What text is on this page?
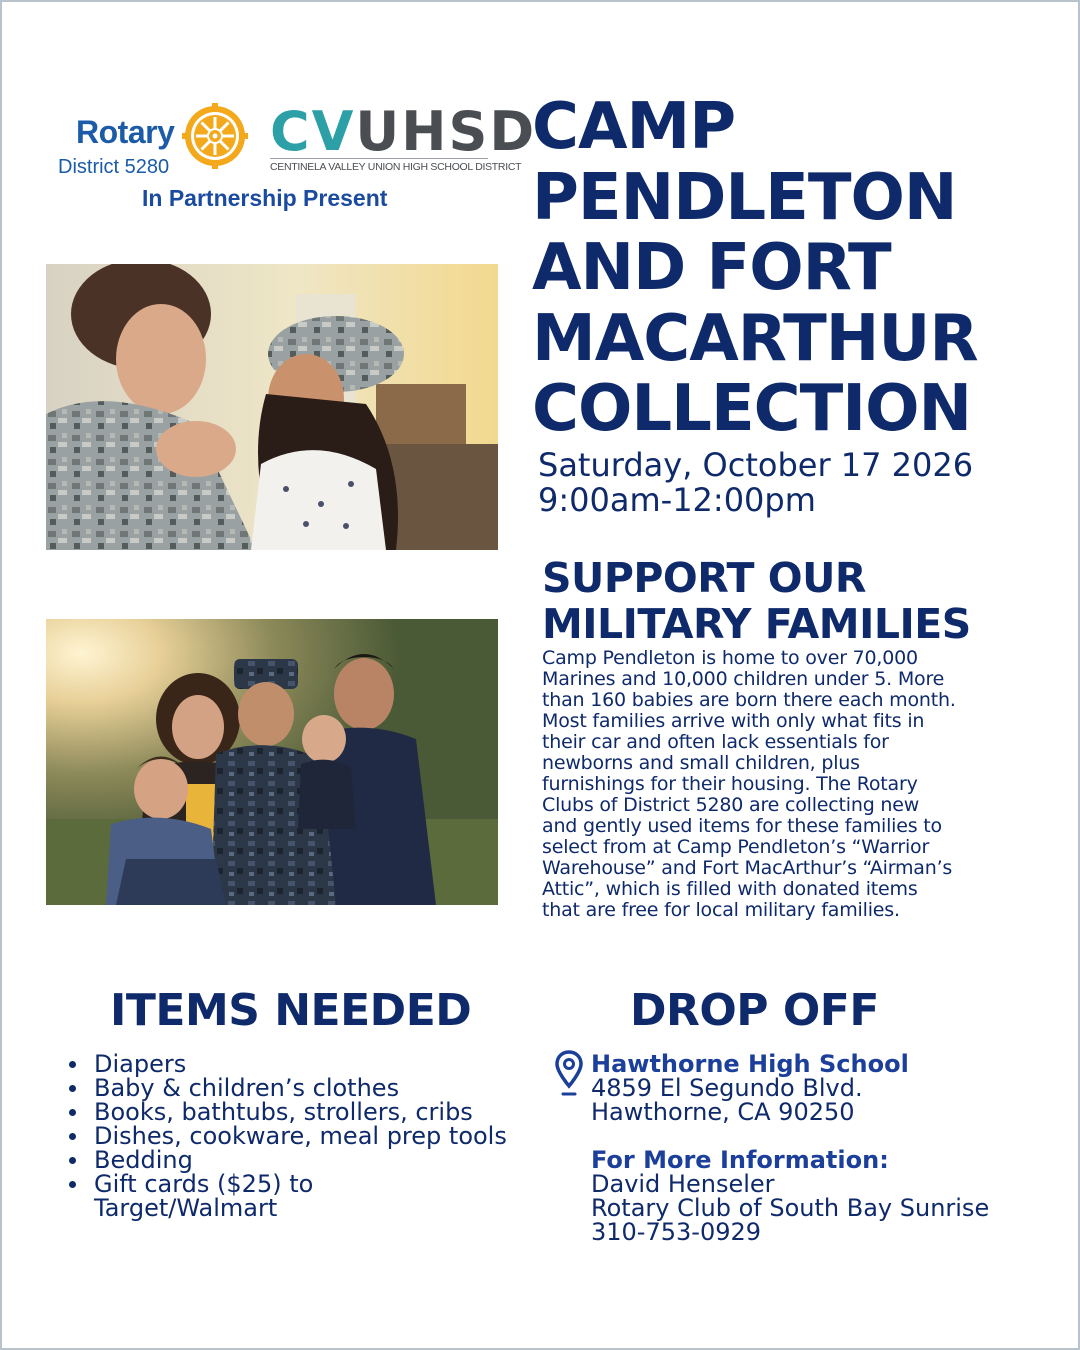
Rotary
District 5280
CVUHSD
CENTINELA VALLEY UNION HIGH SCHOOL DISTRICT
In Partnership Present
CAMP
PENDLETON
AND FORT
MACARTHUR
COLLECTION
Saturday, October 17 2026
9:00am-12:00pm
SUPPORT OUR
MILITARY FAMILIES
Camp Pendleton is home to over 70,000
Marines and 10,000 children under 5. More
than 160 babies are born there each month.
Most families arrive with only what fits in
their car and often lack essentials for
newborns and small children, plus
furnishings for their housing. The Rotary
Clubs of District 5280 are collecting new
and gently used items for these families to
select from at Camp Pendleton’s “Warrior
Warehouse” and Fort MacArthur’s “Airman’s
Attic”, which is filled with donated items
that are free for local military families.
ITEMS NEEDED
Diapers
Baby & children’s clothes
Books, bathtubs, strollers, cribs
Dishes, cookware, meal prep tools
Bedding
Gift cards ($25) to
Target/Walmart
DROP OFF
Hawthorne High School
4859 El Segundo Blvd.
Hawthorne, CA 90250
For More Information:
David Henseler
Rotary Club of South Bay Sunrise
310-753-0929
